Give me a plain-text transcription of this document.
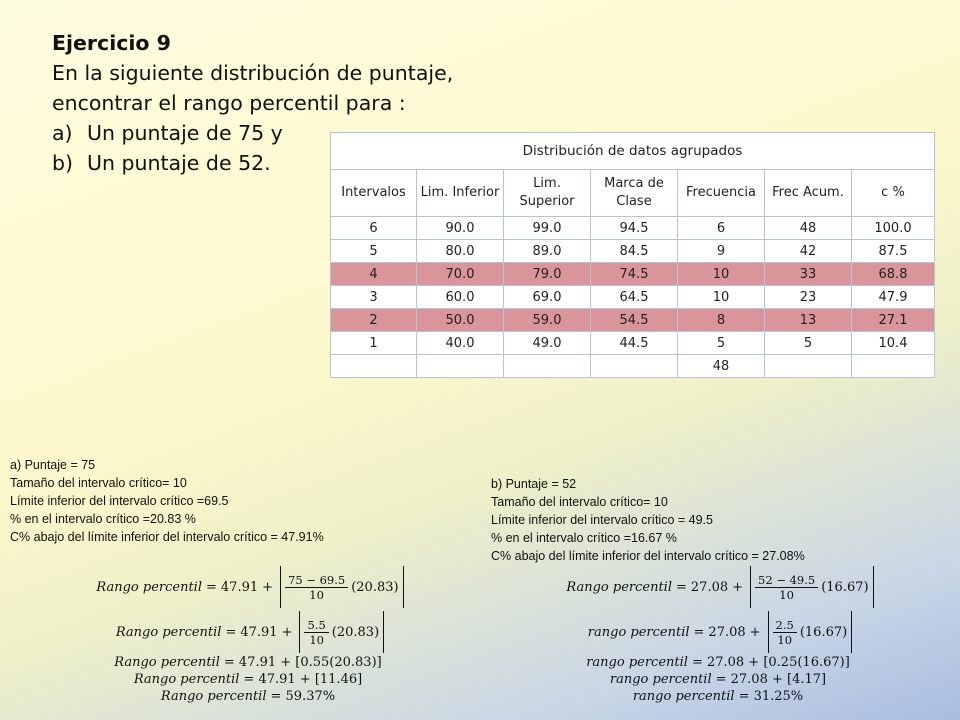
Ejercicio 9
En la siguiente distribución de puntaje,
encontrar el rango percentil para :
a) Un puntaje de 75 y
b) Un puntaje de 52.	Distribución de datos agrupados						
Intervalos	Lim. Inferior	Lim. Superior	Marca de Clase	Frecuencia	Frec Acum.	c %
6	90.0	99.0	94.5	6	48	100.0
5	80.0	89.0	84.5	9	42	87.5
4	70.0	79.0	74.5	10	33	68.8
3	60.0	69.0	64.5	10	23	47.9
2	50.0	59.0	54.5	8	13	27.1
1	40.0	49.0	44.5	5	5	10.4
				48		
a) Puntaje = 75
Tamaño del intervalo crítico= 10
Límite inferior del intervalo crítico =69.5
% en el intervalo crítico =20.83 %
C% abajo del límite inferior del intervalo crítico = 47.91%
b) Puntaje = 52
Tamaño del intervalo crítico= 10
Límite inferior del intervalo crítico = 49.5
% en el intervalo crítico =16.67 %
C% abajo del límite inferior del intervalo crítico = 27.08%
Rango percentil = 47.91 +	$\frac{75 - 69.5}{10} (20.83)$
Rango percentil = 47.91 +	$\frac{5.5}{10} (20.83)$
Rango percentil = 47.91 + [0.55(20.83)]
Rango percentil = 47.91 + [11.46]
Rango percentil = 59.37%
Rango percentil = 27.08 +	$\frac{52 - 49.5}{10} (16.67)$
rango percentil = 27.08 +	$\frac{2.5}{10} (16.67)$
rango percentil = 27.08 + [0.25(16.67)]
rango percentil = 27.08 + [4.17]
rango percentil = 31.25%
